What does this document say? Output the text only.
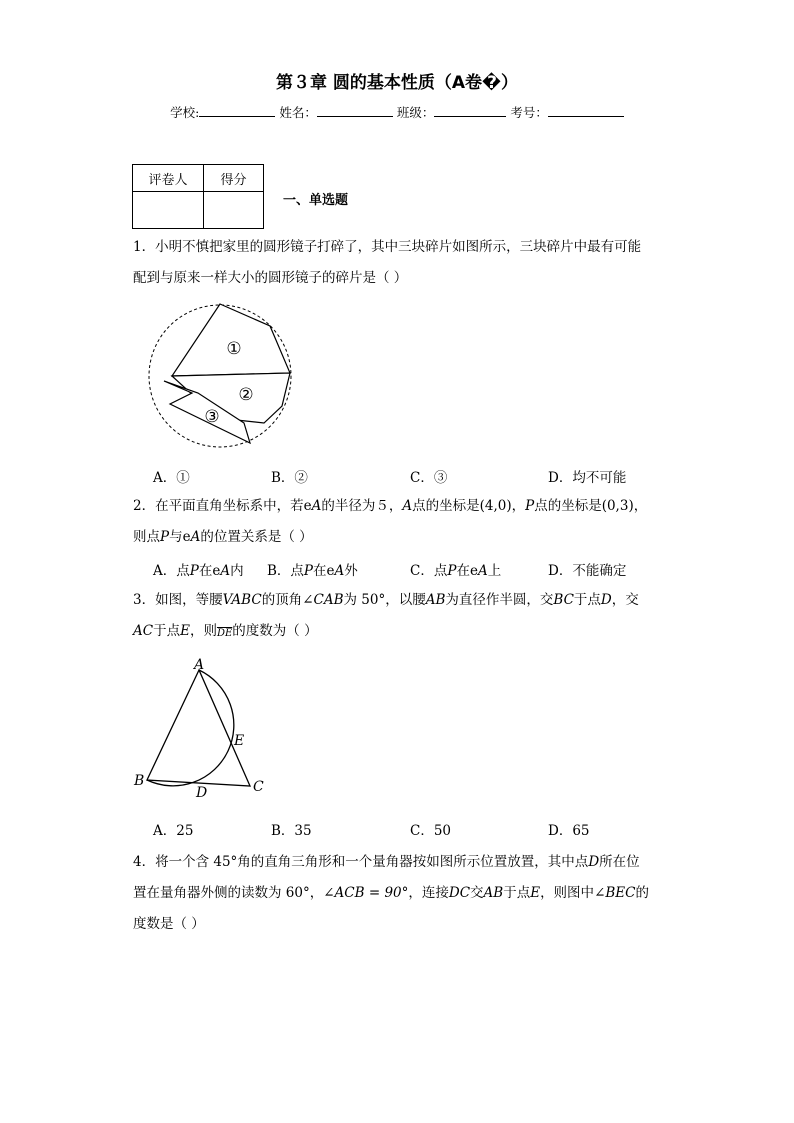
第３章 圆的基本性质（A卷�）
学校:	姓名：	班级：	考号：
评卷人	得分

一、单选题
1．小明不慎把家里的圆形镜子打碎了，其中三块碎片如图所示，三块碎片中最有可能
配到与原来一样大小的圆形镜子的碎片是（ ）
①
②
③
A．①	B．②	C．③	D．均不可能
2．在平面直角坐标系中，若eA的半径为５，A点的坐标是(4,0)，P点的坐标是(0,3)，
则点P与eA的位置关系是（ ）
A．点P在eA内 B．点P在eA外	C．点P在eA上	D．不能确定
3．如图，等腰VABC的顶角∠CAB为 50°，以腰AB为直径作半圆，交BC于点D，交
AC于点E，则$\overline{DE}$的度数为（ ）
A
B	C
D
E
A．25	B．35	C．50	D．65
4．将一个含 45°角的直角三角形和一个量角器按如图所示位置放置，其中点D所在位
置在量角器外侧的读数为 60°，∠ACB = 90°，连接DC交AB于点E，则图中∠BEC的
度数是（ ）
